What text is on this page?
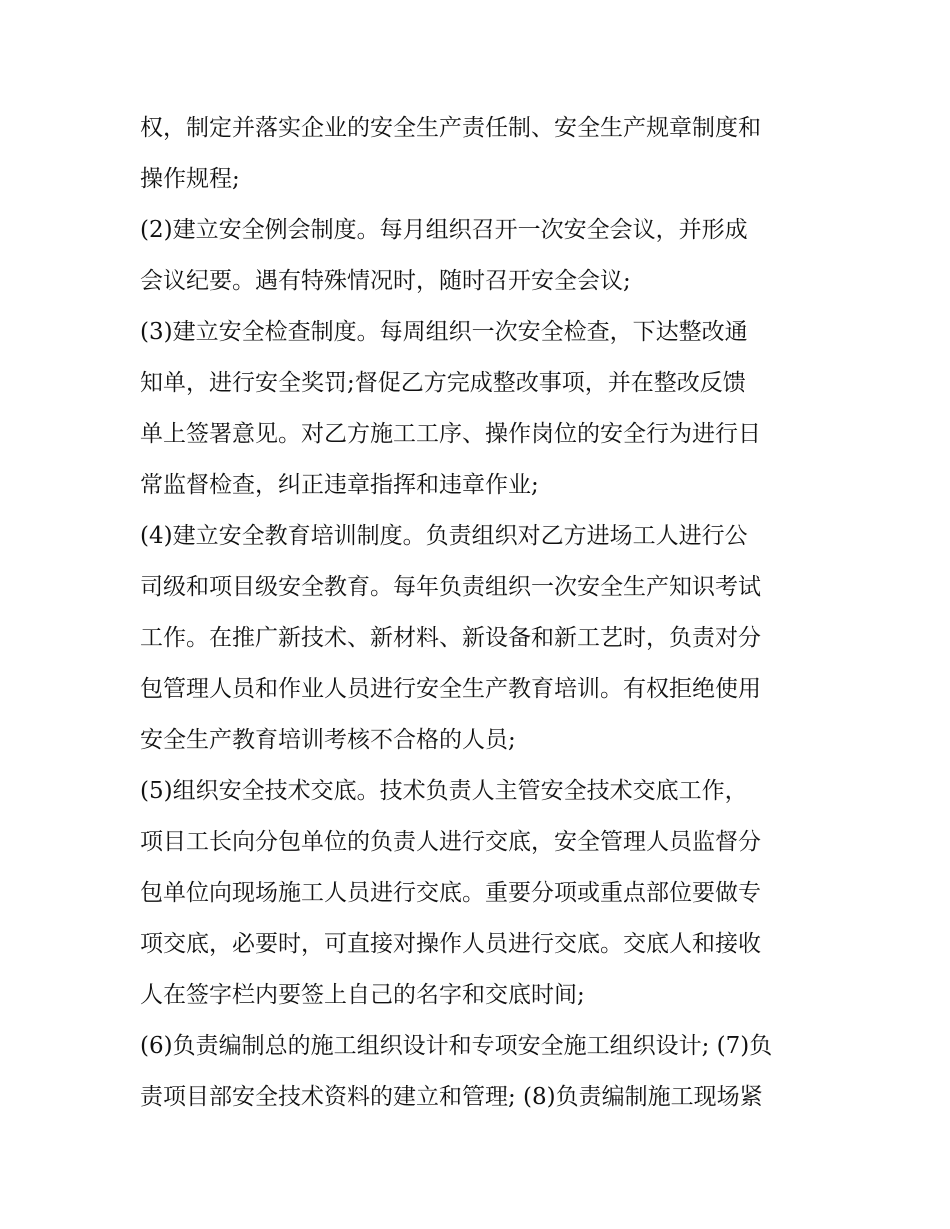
权，制定并落实企业的安全生产责任制、安全生产规章制度和
操作规程;
(2)建立安全例会制度。每月组织召开一次安全会议，并形成
会议纪要。遇有特殊情况时，随时召开安全会议;
(3)建立安全检查制度。每周组织一次安全检查，下达整改通
知单，进行安全奖罚;督促乙方完成整改事项，并在整改反馈
单上签署意见。对乙方施工工序、操作岗位的安全行为进行日
常监督检查，纠正违章指挥和违章作业;
(4)建立安全教育培训制度。负责组织对乙方进场工人进行公
司级和项目级安全教育。每年负责组织一次安全生产知识考试
工作。在推广新技术、新材料、新设备和新工艺时，负责对分
包管理人员和作业人员进行安全生产教育培训。有权拒绝使用
安全生产教育培训考核不合格的人员;
(5)组织安全技术交底。技术负责人主管安全技术交底工作，
项目工长向分包单位的负责人进行交底，安全管理人员监督分
包单位向现场施工人员进行交底。重要分项或重点部位要做专
项交底，必要时，可直接对操作人员进行交底。交底人和接收
人在签字栏内要签上自己的名字和交底时间;
(6)负责编制总的施工组织设计和专项安全施工组织设计; (7)负
责项目部安全技术资料的建立和管理; (8)负责编制施工现场紧
